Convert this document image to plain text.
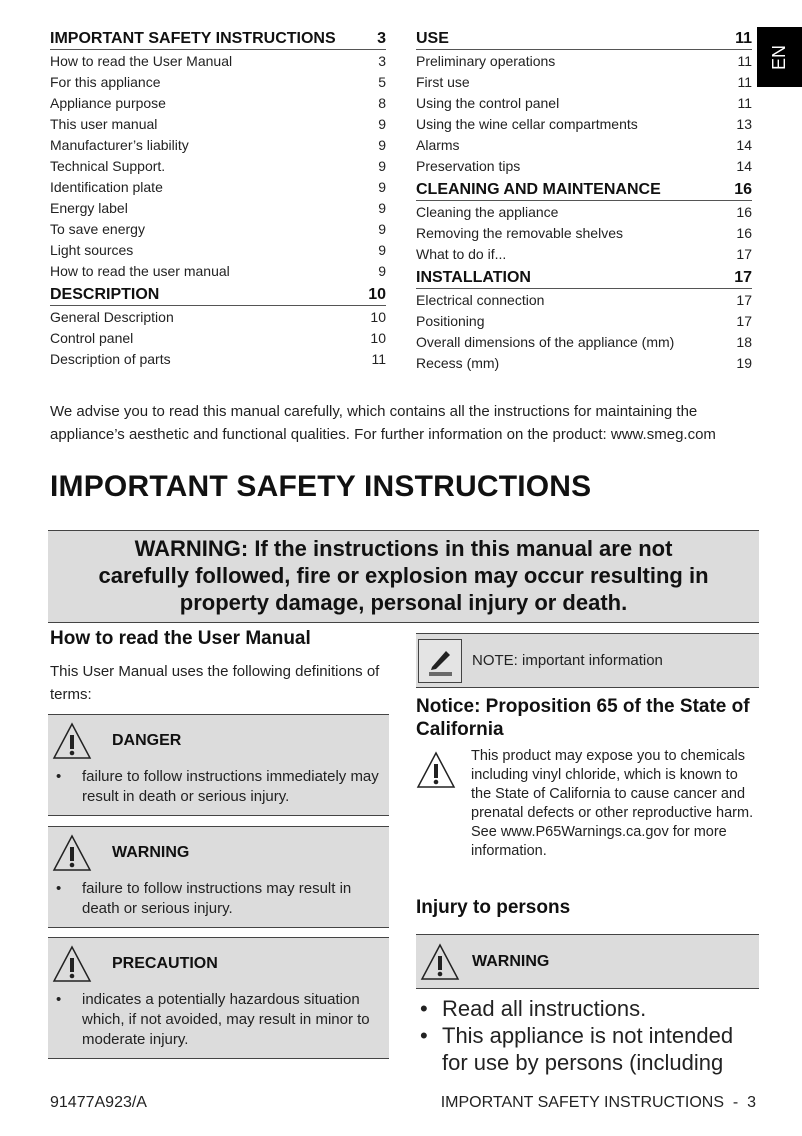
IMPORTANT SAFETY INSTRUCTIONS	3
How to read the User Manual	3
For this appliance	5
Appliance purpose	8
This user manual	9
Manufacturer’s liability	9
Technical Support.	9
Identification plate	9
Energy label	9
To save energy	9
Light sources	9
How to read the user manual	9
DESCRIPTION	10
General Description	10
Control panel	10
Description of parts	11
USE	11
Preliminary operations	11
First use	11
Using the control panel	11
Using the wine cellar compartments	13
Alarms	14
Preservation tips	14
CLEANING AND MAINTENANCE	16
Cleaning the appliance	16
Removing the removable shelves	16
What to do if...	17
INSTALLATION	17
Electrical connection	17
Positioning	17
Overall dimensions of the appliance (mm)	18
Recess (mm)	19
EN
We advise you to read this manual carefully, which contains all the instructions for maintaining the appliance’s aesthetic and functional qualities. For further information on the product: www.smeg.com
IMPORTANT SAFETY INSTRUCTIONS
WARNING: If the instructions in this manual are not carefully followed, fire or explosion may occur resulting in property damage, personal injury or death.
How to read the User Manual
This User Manual uses the following definitions of terms:
DANGER
•	failure to follow instructions immediately may result in death or serious injury.
WARNING
•	failure to follow instructions may result in death or serious injury.
PRECAUTION
•	indicates a potentially hazardous situation which, if not avoided, may result in minor to moderate injury.
NOTE: important information
Notice: Proposition 65 of the State of California
This product may expose you to chemicals including vinyl chloride, which is known to the State of California to cause cancer and prenatal defects or other reproductive harm. See www.P65Warnings.ca.gov for more information.
Injury to persons
WARNING
• Read all instructions.
• This appliance is not intended for use by persons (including
91477A923/A	IMPORTANT SAFETY INSTRUCTIONS  -  3
